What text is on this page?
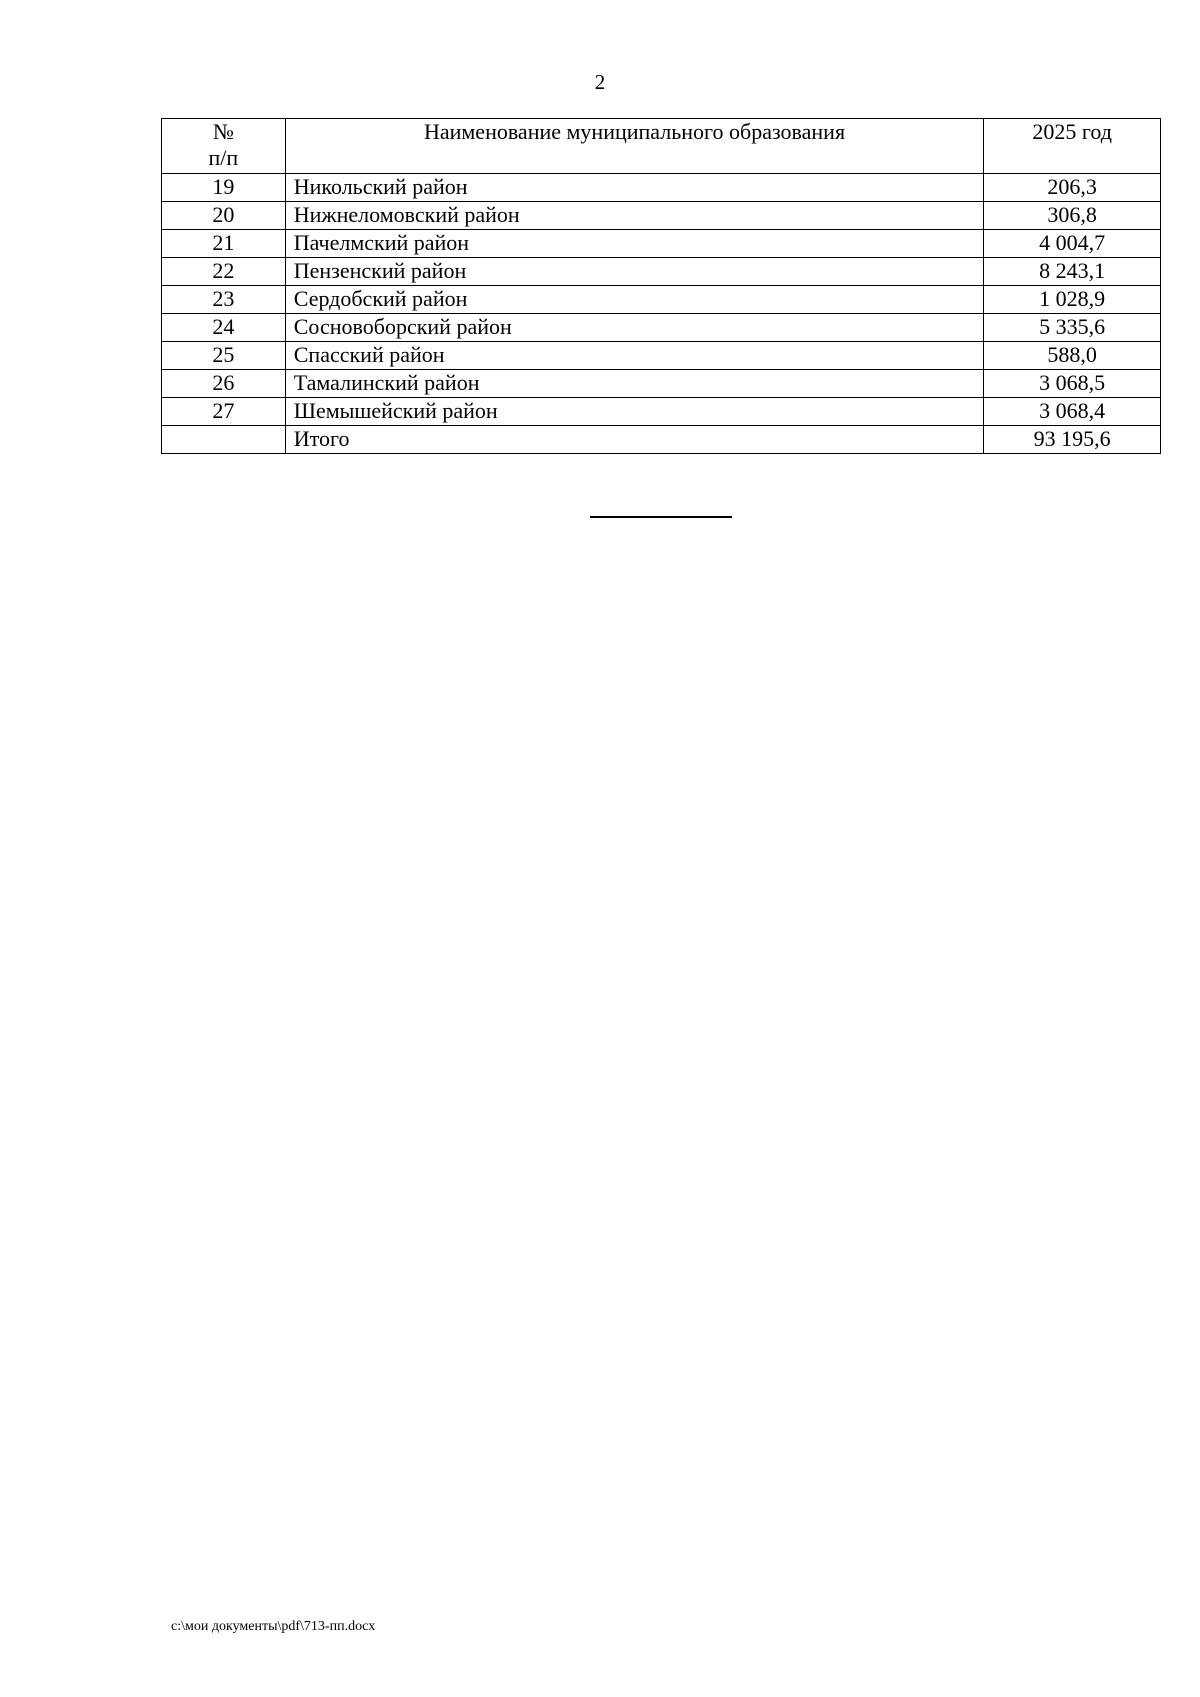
2
№
п/п	Наименование муниципального образования	2025 год
19	Никольский район	206,3
20	Нижнеломовский район	306,8
21	Пачелмский район	4 004,7
22	Пензенский район	8 243,1
23	Сердобский район	1 028,9
24	Сосновоборский район	5 335,6
25	Спасский район	588,0
26	Тамалинский район	3 068,5
27	Шемышейский район	3 068,4
	Итого	93 195,6
c:\мои документы\pdf\713-пп.docx
